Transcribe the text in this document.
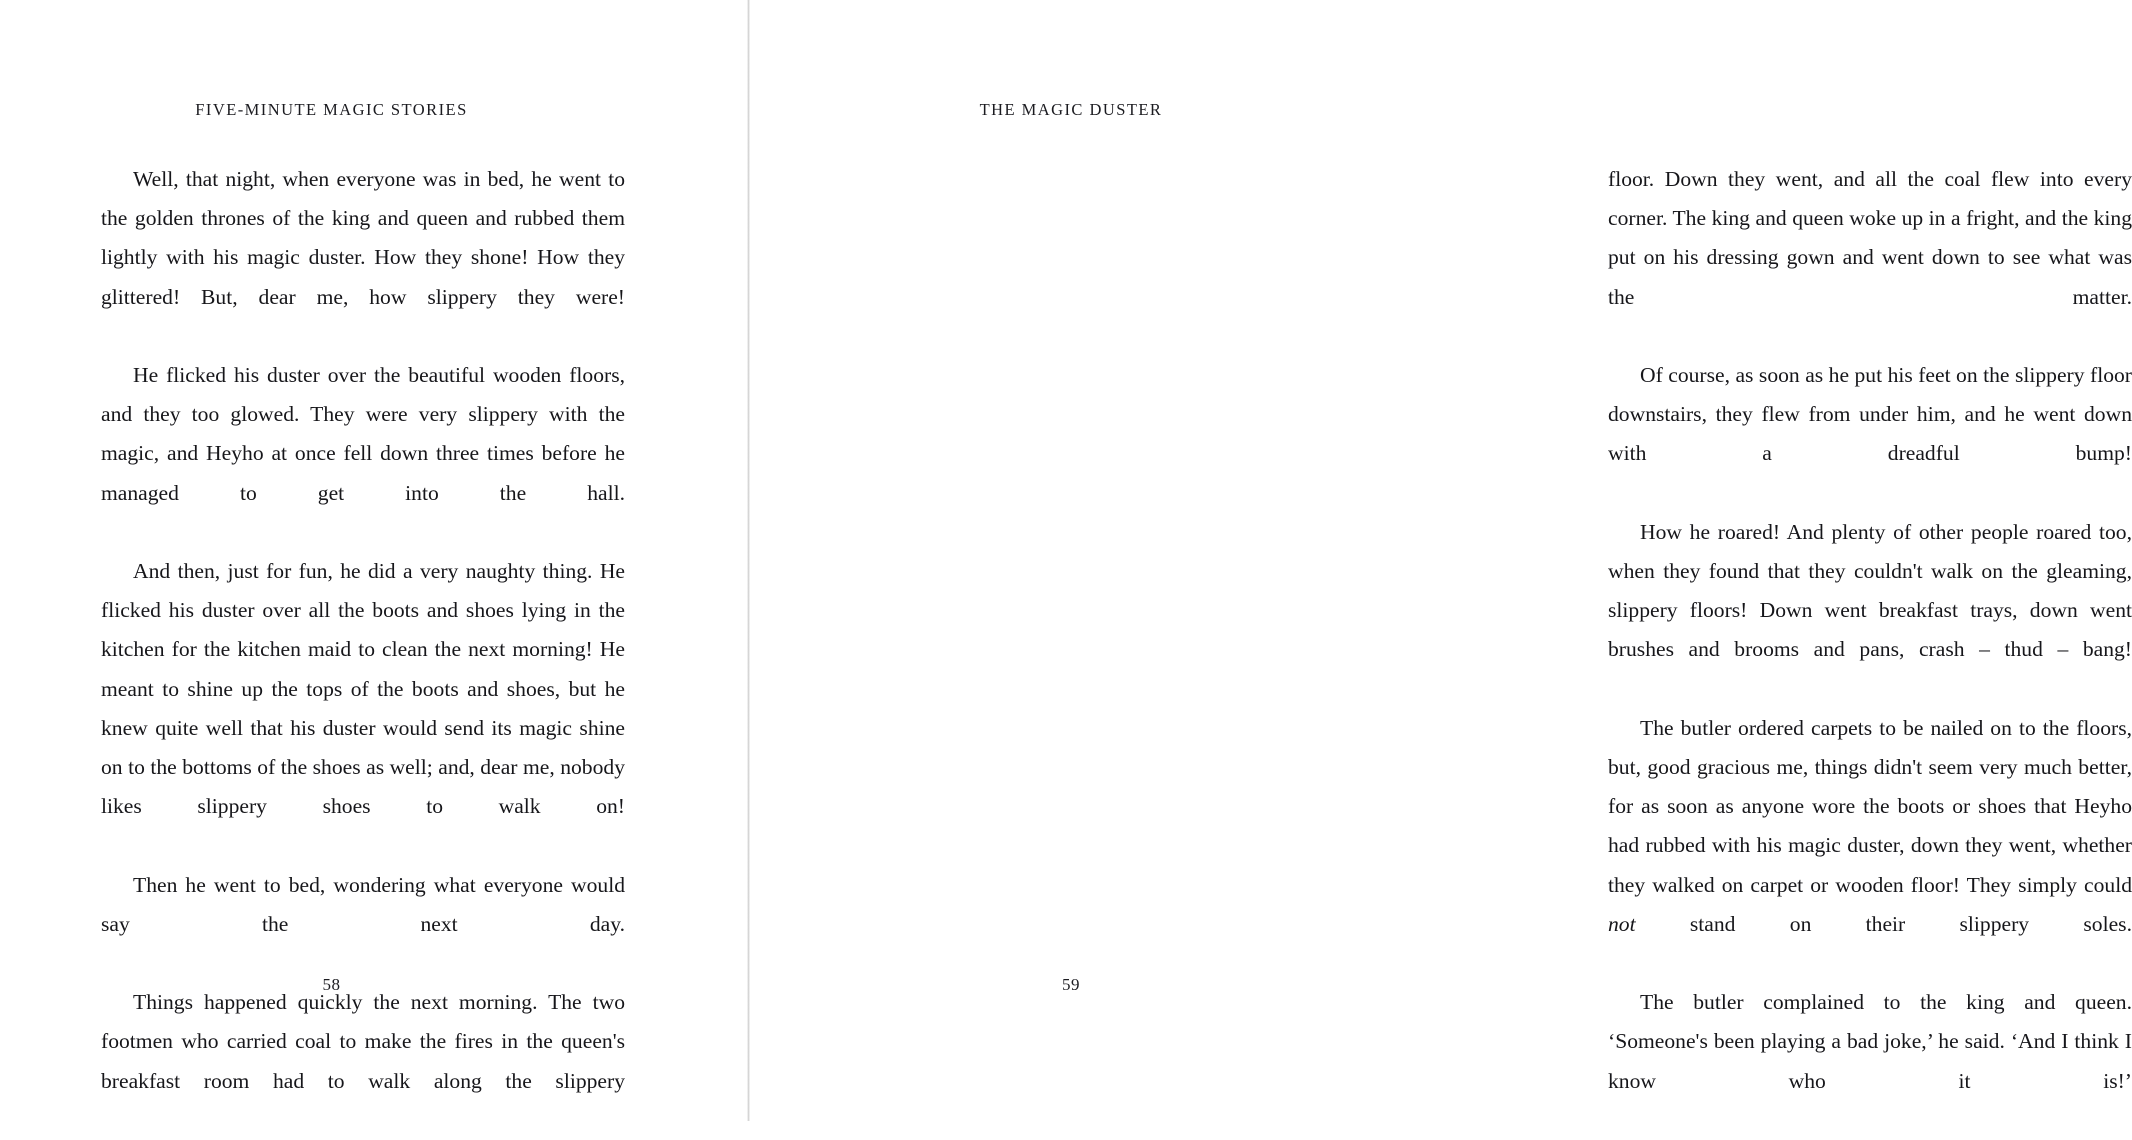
FIVE-MINUTE MAGIC STORIES

Well, that night, when everyone was in bed, he went to the golden thrones of the king and queen and rubbed them lightly with his magic duster. How they shone! How they glittered! But, dear me, how slippery they were!

He flicked his duster over the beautiful wooden floors, and they too glowed. They were very slippery with the magic, and Heyho at once fell down three times before he managed to get into the hall.

And then, just for fun, he did a very naughty thing. He flicked his duster over all the boots and shoes lying in the kitchen for the kitchen maid to clean the next morning! He meant to shine up the tops of the boots and shoes, but he knew quite well that his duster would send its magic shine on to the bottoms of the shoes as well; and, dear me, nobody likes slippery shoes to walk on!

Then he went to bed, wondering what everyone would say the next day.

Things happened quickly the next morning. The two footmen who carried coal to make the fires in the queen's breakfast room had to walk along the slippery

58
THE MAGIC DUSTER

floor. Down they went, and all the coal flew into every corner. The king and queen woke up in a fright, and the king put on his dressing gown and went down to see what was the matter.

Of course, as soon as he put his feet on the slippery floor downstairs, they flew from under him, and he went down with a dreadful bump!

How he roared! And plenty of other people roared too, when they found that they couldn't walk on the gleaming, slippery floors! Down went breakfast trays, down went brushes and brooms and pans, crash – thud – bang!

The butler ordered carpets to be nailed on to the floors, but, good gracious me, things didn't seem very much better, for as soon as anyone wore the boots or shoes that Heyho had rubbed with his magic duster, down they went, whether they walked on carpet or wooden floor! They simply could not stand on their slippery soles.

The butler complained to the king and queen. ‘Someone's been playing a bad joke,’ he said. ‘And I think I know who it is!’

59
